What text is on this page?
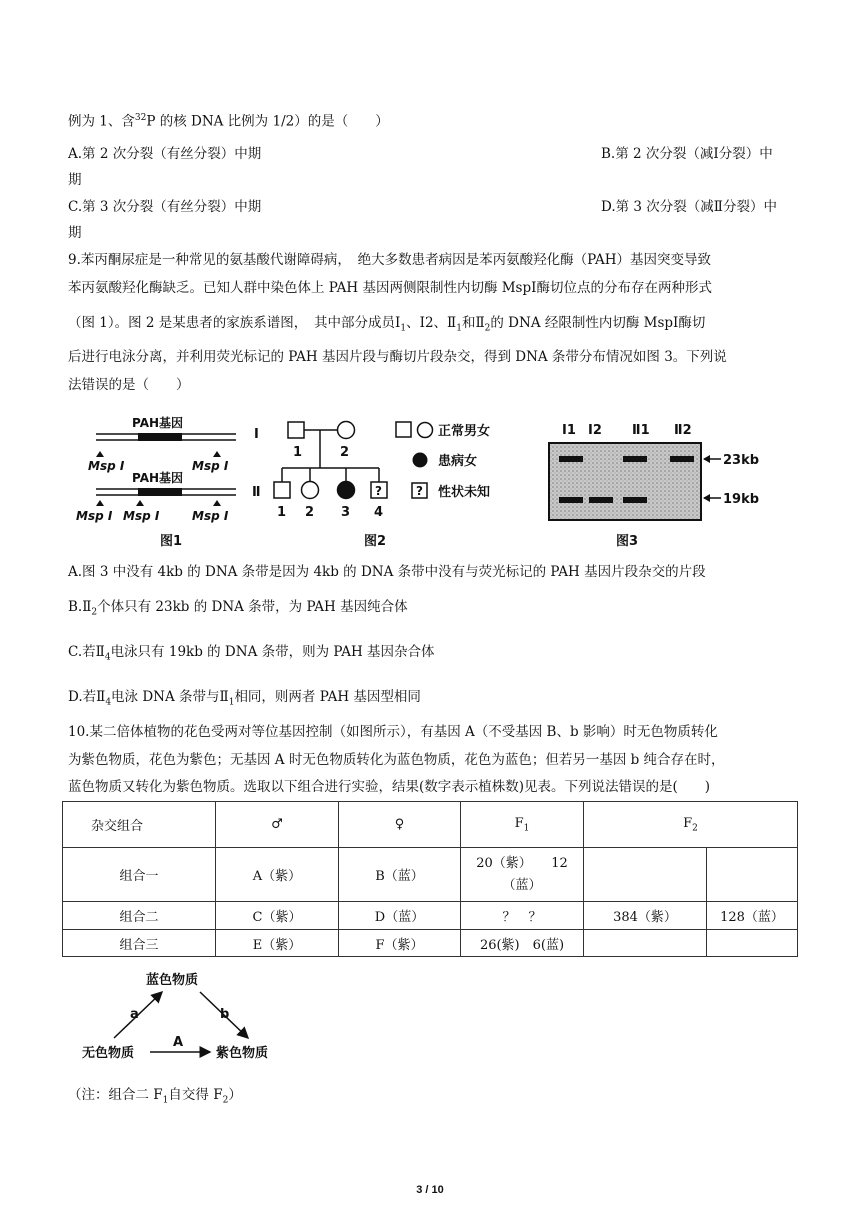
例为 1、含$^{32}$P 的核 DNA 比例为 1/2）的是（　　）
A.第 2 次分裂（有丝分裂）中期	B.第 2 次分裂（减Ⅰ分裂）中
期
C.第 3 次分裂（有丝分裂）中期	D.第 3 次分裂（减Ⅱ分裂）中
期
9.苯丙酮尿症是一种常见的氨基酸代谢障碍病，　绝大多数患者病因是苯丙氨酸羟化酶（PAH）基因突变导致
苯丙氨酸羟化酶缺乏。已知人群中染色体上 PAH 基因两侧限制性内切酶 MspⅠ酶切位点的分布存在两种形式
（图 1）。图 2 是某患者的家族系谱图，　其中部分成员$Ⅰ_1$、Ⅰ2、$Ⅱ_1$和$Ⅱ_2$的 DNA 经限制性内切酶 MspⅠ酶切
后进行电泳分离，并利用荧光标记的 PAH 基因片段与酶切片段杂交，得到 DNA 条带分布情况如图 3。下列说
法错误的是（　　）
PAH基因
Msp Ⅰ	Msp Ⅰ
PAH基因
Msp Ⅰ Msp Ⅰ	Msp Ⅰ
图1
Ⅰ
Ⅱ
1	2
?
1 2 3 4
正常男女
患病女
? 性状未知
图2
Ⅰ1 Ⅰ2 Ⅱ1 Ⅱ2
23kb
19kb
图3
A.图 3 中没有 4kb 的 DNA 条带是因为 4kb 的 DNA 条带中没有与荧光标记的 PAH 基因片段杂交的片段
$B.Ⅱ_2$个体只有 23kb 的 DNA 条带，为 PAH 基因纯合体
C.若$Ⅱ_4$电泳只有 19kb 的 DNA 条带，则为 PAH 基因杂合体
D.若$Ⅱ_4$电泳 DNA 条带与$Ⅱ_1$相同，则两者 PAH 基因型相同
10.某二倍体植物的花色受两对等位基因控制（如图所示），有基因 A（不受基因 B、b 影响）时无色物质转化
为紫色物质，花色为紫色；无基因 A 时无色物质转化为蓝色物质，花色为蓝色；但若另一基因 b 纯合存在时，
蓝色物质又转化为紫色物质。选取以下组合进行实验，结果(数字表示植株数)见表。下列说法错误的是(　　)
杂交组合	♂	♀	$F_1$	$F_2$
组合一	A（紫）	B（蓝）	20（紫）　　12
（蓝）		

组合二	C（紫）	D（蓝）	？　？	384（紫）	128（蓝）
组合三	E（紫）	F（紫）	26(紫)　6(蓝)		
蓝色物质
无色物质	紫色物质
a	b
A
（注：组合二 $F_1$自交得 $F_2$）
3 / 10
